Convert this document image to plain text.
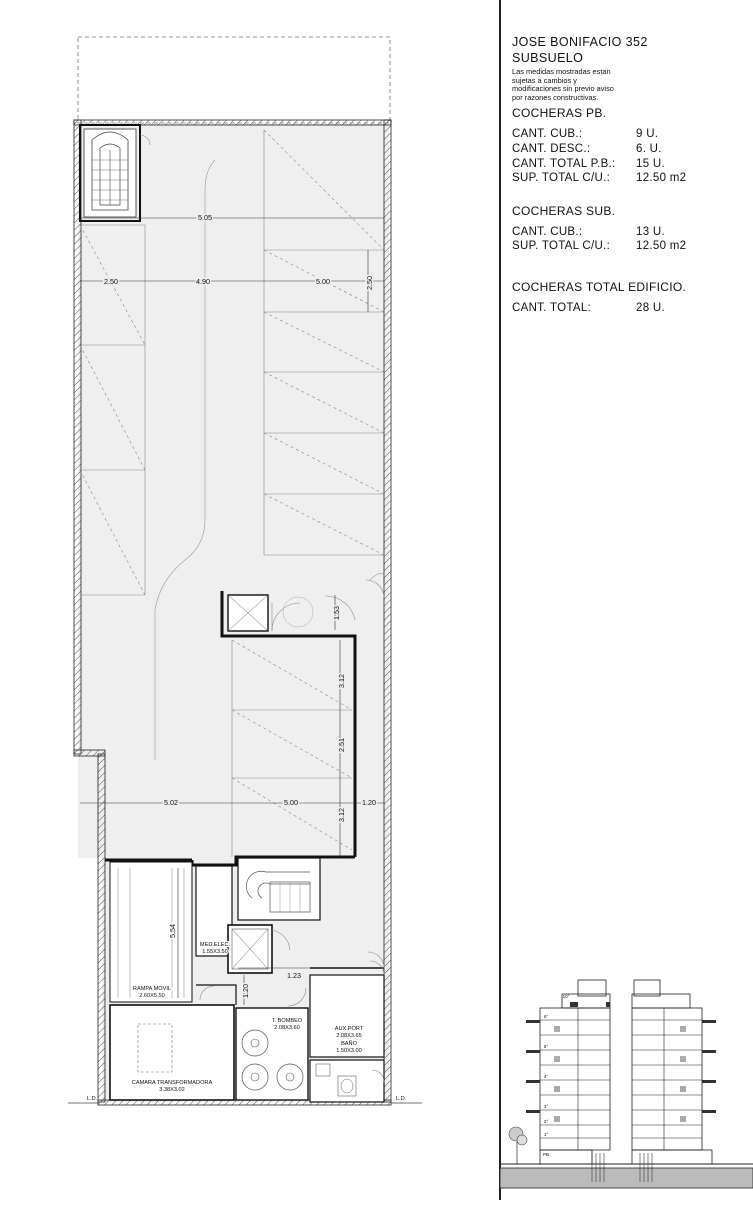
5.05
2.50	4.90	5.00	2.50
1.53
3.12
2.51
3.12
5.02	5.00	1.20
5.54
1.23
1.20
RAMPA MOVIL
2.60X5.50
MED.ELEC.
1.55X3.50
T. BOMBEO
2.08X3.60	AUX.PORT
2.08X3.65
BAÑO
1.50X3.00
CAMARA TRANSFORMADORA
3.38X3.02
L.D.	L.D.
JOSE BONIFACIO 352
SUBSUELO
Las medidas mostradas estan
sujetas a cambios y
modificaciones sin previo aviso
por razones constructivas.
COCHERAS PB.
CANT. CUB.:	9 U.
CANT. DESC.:	6. U.
CANT. TOTAL P.B.:	15 U.
SUP. TOTAL C/U.:	12.50 m2
COCHERAS SUB.
CANT. CUB.:	13 U.
SUP. TOTAL C/U.:	12.50 m2
COCHERAS TOTAL EDIFICIO.
CANT. TOTAL:	28 U.
10°
6°
5°
4°
3°
2°
1°
PB
